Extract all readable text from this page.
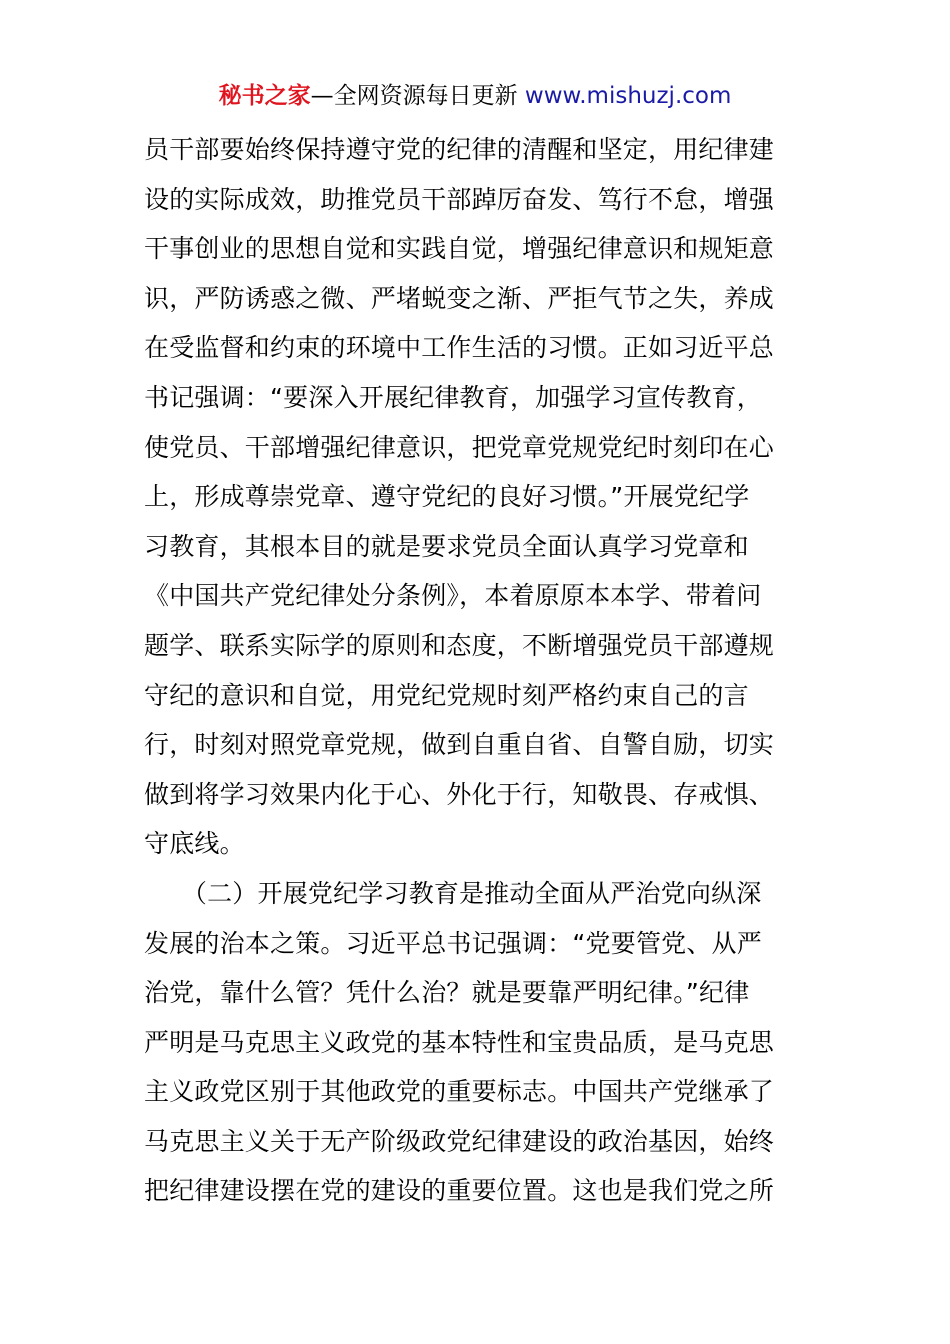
秘书之家—全网资源每日更新 www.mishuzj.com
员干部要始终保持遵守党的纪律的清醒和坚定，用纪律建
设的实际成效，助推党员干部踔厉奋发、笃行不怠，增强
干事创业的思想自觉和实践自觉，增强纪律意识和规矩意
识，严防诱惑之微、严堵蜕变之渐、严拒气节之失，养成
在受监督和约束的环境中工作生活的习惯。正如习近平总
书记强调：“要深入开展纪律教育，加强学习宣传教育，
使党员、干部增强纪律意识，把党章党规党纪时刻印在心
上，形成尊崇党章、遵守党纪的良好习惯。”开展党纪学
习教育，其根本目的就是要求党员全面认真学习党章和
《中国共产党纪律处分条例》，本着原原本本学、带着问
题学、联系实际学的原则和态度，不断增强党员干部遵规
守纪的意识和自觉，用党纪党规时刻严格约束自己的言
行，时刻对照党章党规，做到自重自省、自警自励，切实
做到将学习效果内化于心、外化于行，知敬畏、存戒惧、
守底线。
　　（二）开展党纪学习教育是推动全面从严治党向纵深
发展的治本之策。习近平总书记强调：“党要管党、从严
治党，靠什么管？凭什么治？就是要靠严明纪律。”纪律
严明是马克思主义政党的基本特性和宝贵品质，是马克思
主义政党区别于其他政党的重要标志。中国共产党继承了
马克思主义关于无产阶级政党纪律建设的政治基因，始终
把纪律建设摆在党的建设的重要位置。这也是我们党之所
